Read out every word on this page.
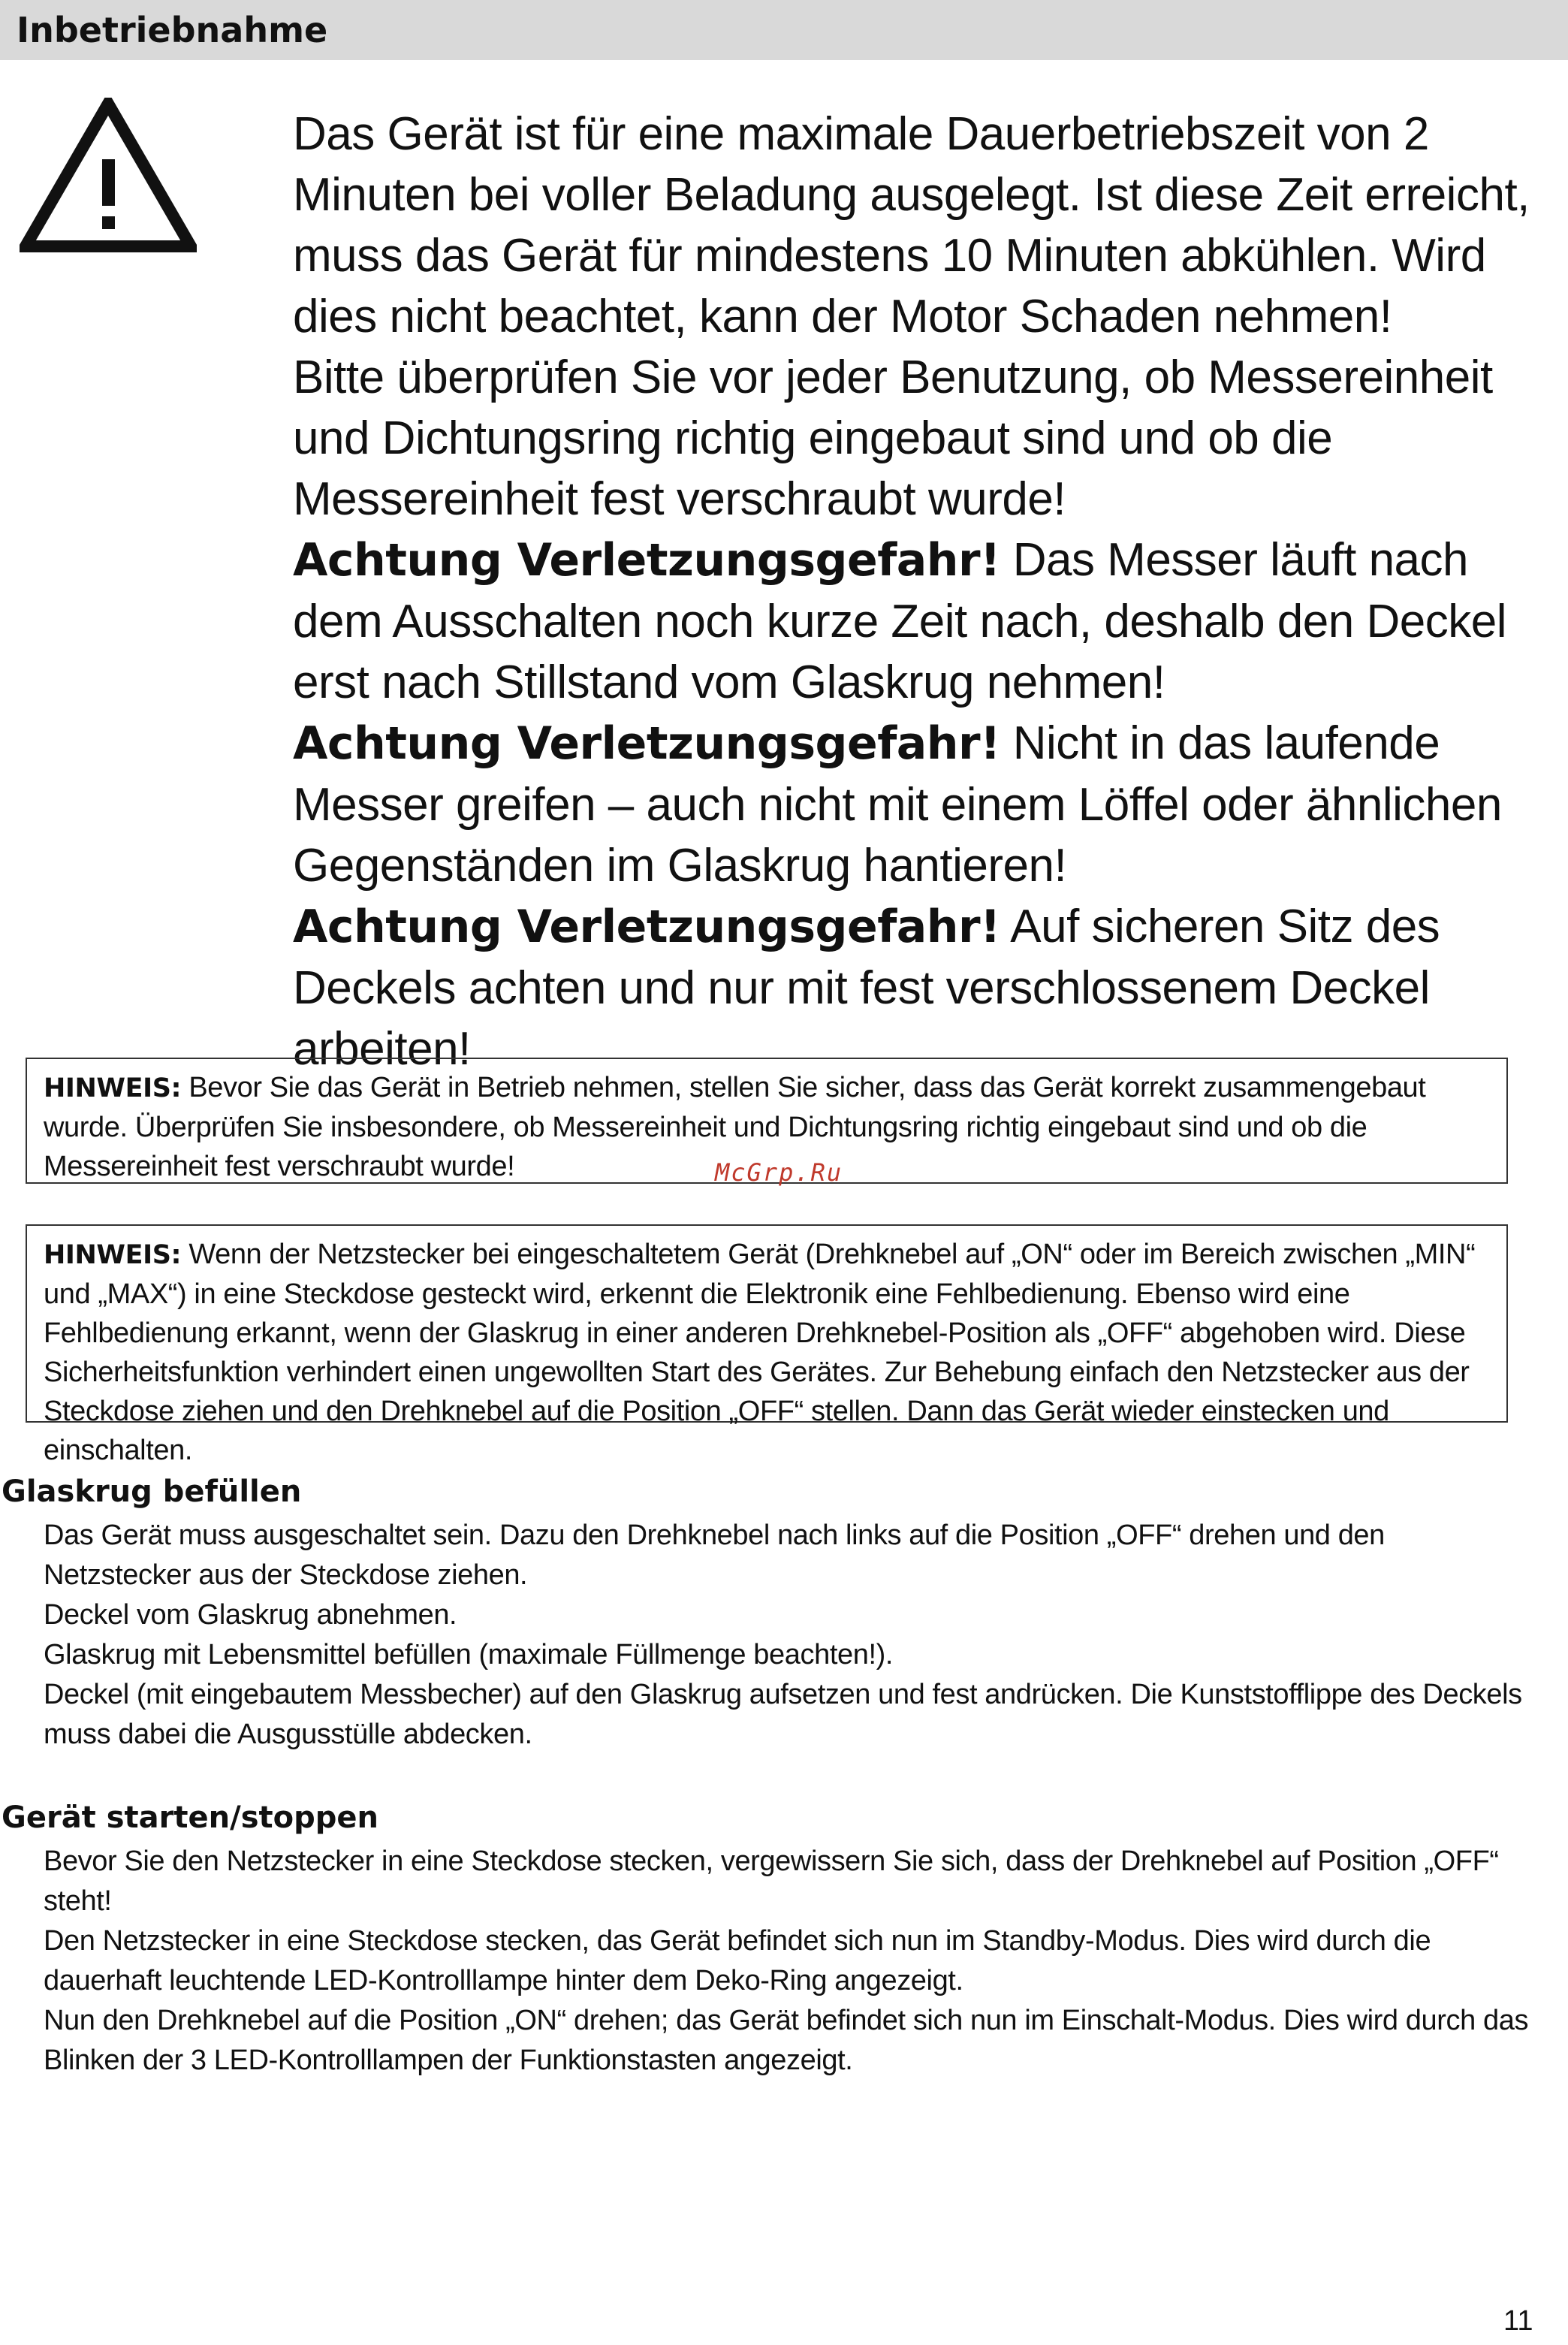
Inbetriebnahme

Das Gerät ist für eine maximale Dauerbetriebszeit von 2 Minuten bei voller Beladung ausgelegt. Ist diese Zeit erreicht, muss das Gerät für mindestens 10 Minuten abkühlen. Wird dies nicht beachtet, kann der Motor Schaden nehmen!

Bitte überprüfen Sie vor jeder Benutzung, ob Messereinheit und Dichtungsring richtig eingebaut sind und ob die Messereinheit fest verschraubt wurde!

Achtung Verletzungsgefahr! Das Messer läuft nach dem Ausschalten noch kurze Zeit nach, deshalb den Deckel erst nach Stillstand vom Glaskrug nehmen!

Achtung Verletzungsgefahr! Nicht in das laufende Messer greifen – auch nicht mit einem Löffel oder ähnlichen Gegenständen im Glaskrug hantieren!

Achtung Verletzungsgefahr! Auf sicheren Sitz des Deckels achten und nur mit fest verschlossenem Deckel arbeiten!

HINWEIS: Bevor Sie das Gerät in Betrieb nehmen, stellen Sie sicher, dass das Gerät korrekt zusammengebaut wurde. Überprüfen Sie insbesondere, ob Messereinheit und Dichtungsring richtig eingebaut sind und ob die Messereinheit fest verschraubt wurde!	McGrp.Ru
HINWEIS: Wenn der Netzstecker bei eingeschaltetem Gerät (Drehknebel auf „ON“ oder im Bereich zwischen „MIN“ und „MAX“) in eine Steckdose gesteckt wird, erkennt die Elektronik eine Fehlbedienung. Ebenso wird eine Fehlbedienung erkannt, wenn der Glaskrug in einer anderen Drehknebel-Position als „OFF“ abgehoben wird. Diese Sicherheitsfunktion verhindert einen ungewollten Start des Gerätes. Zur Behebung einfach den Netzstecker aus der Steckdose ziehen und den Drehknebel auf die Position „OFF“ stellen. Dann das Gerät wieder einstecken und einschalten.
Glaskrug befüllen

Das Gerät muss ausgeschaltet sein. Dazu den Drehknebel nach links auf die Position „OFF“ drehen und den Netzstecker aus der Steckdose ziehen.

Deckel vom Glaskrug abnehmen.

Glaskrug mit Lebensmittel befüllen (maximale Füllmenge beachten!).

Deckel (mit eingebautem Messbecher) auf den Glaskrug aufsetzen und fest andrücken. Die Kunststofflippe des Deckels muss dabei die Ausgusstülle abdecken.

Gerät starten/stoppen

Bevor Sie den Netzstecker in eine Steckdose stecken, vergewissern Sie sich, dass der Drehknebel auf Position „OFF“ steht!

Den Netzstecker in eine Steckdose stecken, das Gerät befindet sich nun im Standby-Modus. Dies wird durch die dauerhaft leuchtende LED-Kontrolllampe hinter dem Deko-Ring angezeigt.

Nun den Drehknebel auf die Position „ON“ drehen; das Gerät befindet sich nun im Einschalt-Modus. Dies wird durch das Blinken der 3 LED-Kontrolllampen der Funktionstasten angezeigt.

11
